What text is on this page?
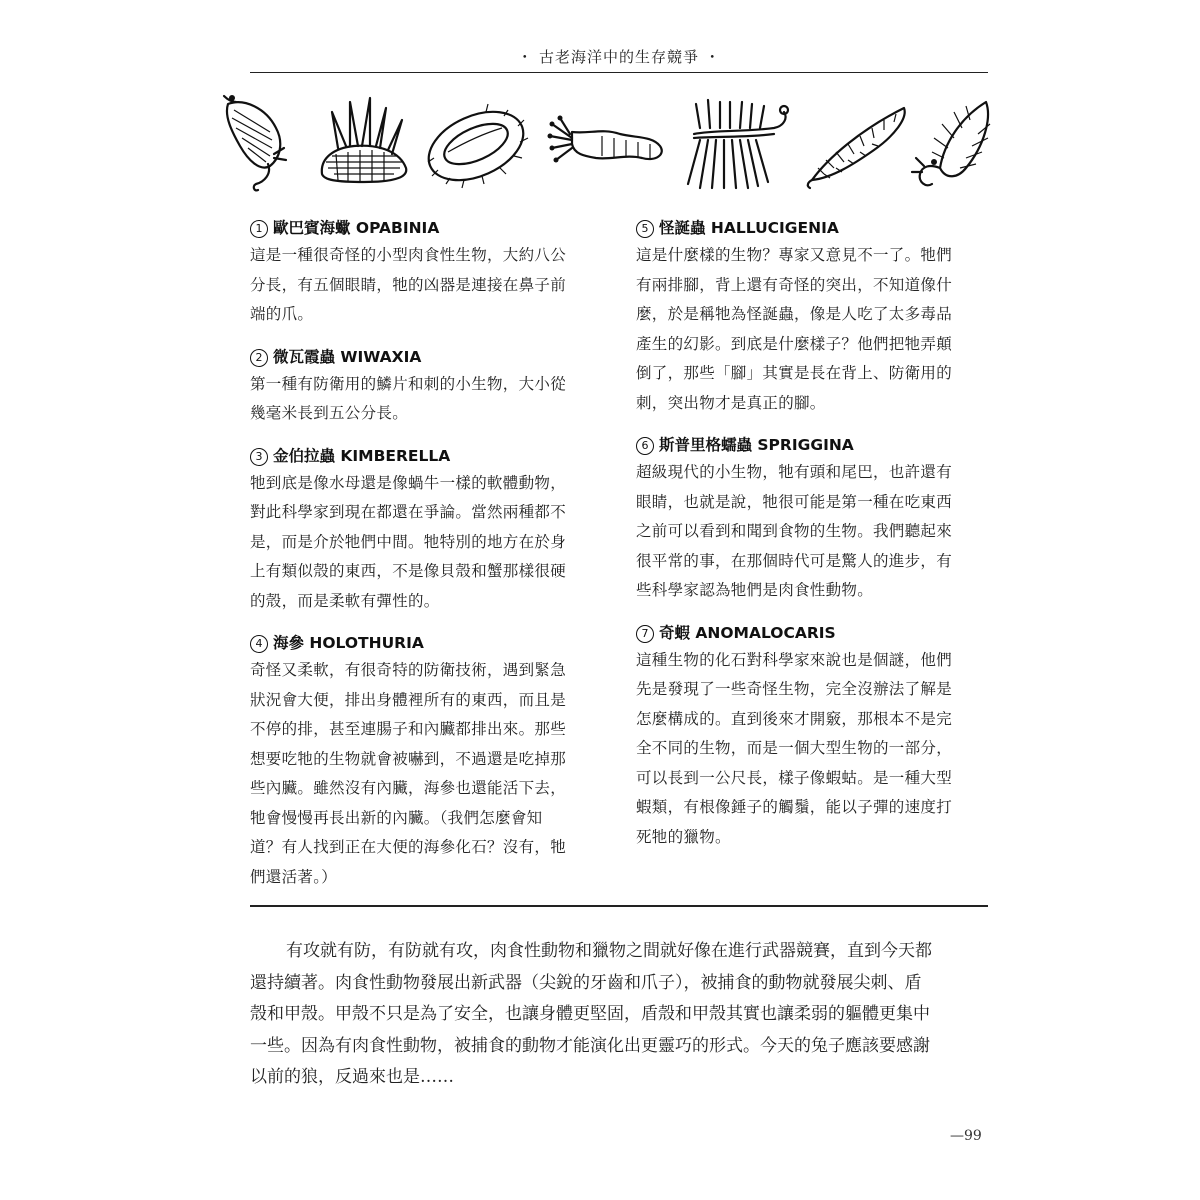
・ 古老海洋中的生存競爭 ・
1 歐巴賓海蠍 OPABINIA
這是一種很奇怪的小型肉食性生物，大約八公
分長，有五個眼睛，牠的凶器是連接在鼻子前
端的爪。
2 微瓦霞蟲 WIWAXIA
第一種有防衛用的鱗片和刺的小生物，大小從
幾毫米長到五公分長。
3 金伯拉蟲 KIMBERELLA
牠到底是像水母還是像蝸牛一樣的軟體動物，
對此科學家到現在都還在爭論。當然兩種都不
是，而是介於牠們中間。牠特別的地方在於身
上有類似殼的東西，不是像貝殼和蟹那樣很硬
的殼，而是柔軟有彈性的。
4 海參 HOLOTHURIA
奇怪又柔軟，有很奇特的防衛技術，遇到緊急
狀況會大便，排出身體裡所有的東西，而且是
不停的排，甚至連腸子和內臟都排出來。那些
想要吃牠的生物就會被嚇到，不過還是吃掉那
些內臟。雖然沒有內臟，海參也還能活下去，
牠會慢慢再長出新的內臟。（我們怎麼會知
道？有人找到正在大便的海參化石？沒有，牠
們還活著。）
5 怪誕蟲 HALLUCIGENIA
這是什麼樣的生物？專家又意見不一了。牠們
有兩排腳，背上還有奇怪的突出，不知道像什
麼，於是稱牠為怪誕蟲，像是人吃了太多毒品
產生的幻影。到底是什麼樣子？他們把牠弄顛
倒了，那些「腳」其實是長在背上、防衛用的
刺，突出物才是真正的腳。
6 斯普里格蠕蟲 SPRIGGINA
超級現代的小生物，牠有頭和尾巴，也許還有
眼睛，也就是說，牠很可能是第一種在吃東西
之前可以看到和聞到食物的生物。我們聽起來
很平常的事，在那個時代可是驚人的進步，有
些科學家認為牠們是肉食性動物。
7 奇蝦 ANOMALOCARIS
這種生物的化石對科學家來說也是個謎，他們
先是發現了一些奇怪生物，完全沒辦法了解是
怎麼構成的。直到後來才開竅，那根本不是完
全不同的生物，而是一個大型生物的一部分，
可以長到一公尺長，樣子像蝦蛄。是一種大型
蝦類，有根像錘子的觸鬚，能以子彈的速度打
死牠的獵物。
有攻就有防，有防就有攻，肉食性動物和獵物之間就好像在進行武器競賽，直到今天都
還持續著。肉食性動物發展出新武器（尖銳的牙齒和爪子），被捕食的動物就發展尖刺、盾
殼和甲殼。甲殼不只是為了安全，也讓身體更堅固，盾殼和甲殼其實也讓柔弱的軀體更集中
一些。因為有肉食性動物，被捕食的動物才能演化出更靈巧的形式。今天的兔子應該要感謝
以前的狼，反過來也是……
—99
